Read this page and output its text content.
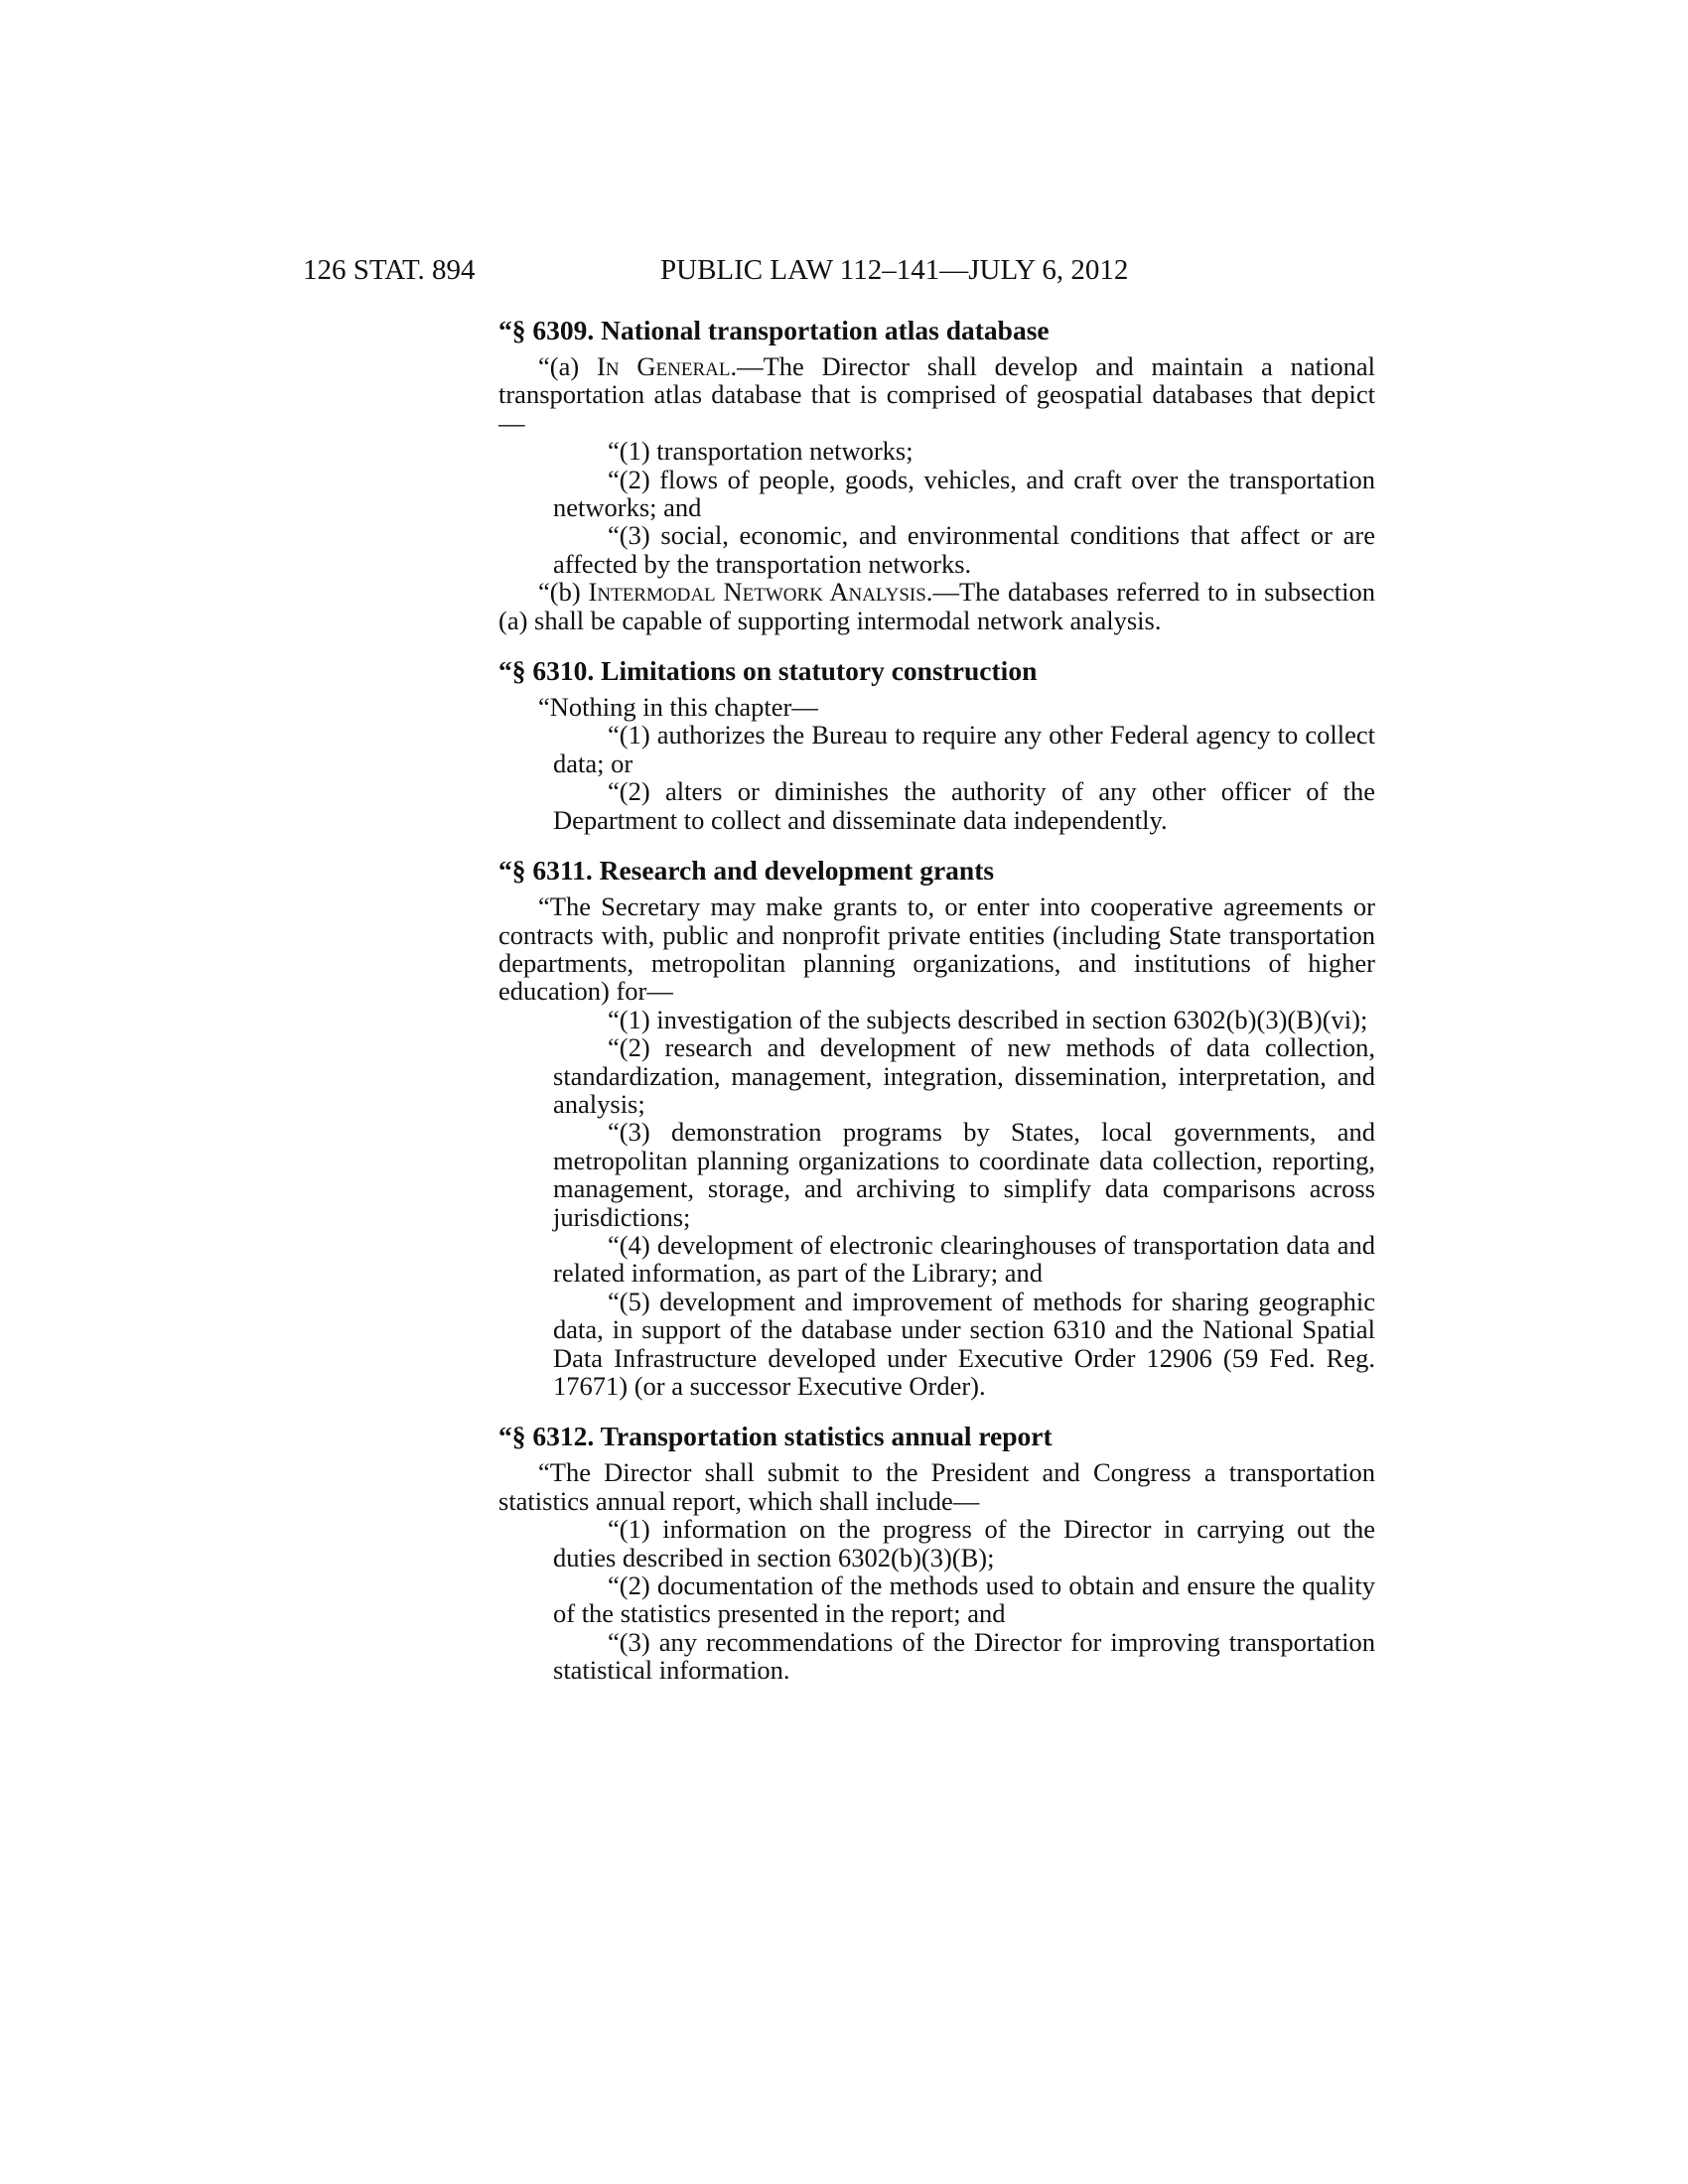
126 STAT. 894	PUBLIC LAW 112–141—JULY 6, 2012
“§ 6309. National transportation atlas database

“(a) In General.—The Director shall develop and maintain a national transportation atlas database that is comprised of geospatial databases that depict—

“(1) transportation networks;

“(2) flows of people, goods, vehicles, and craft over the transportation networks; and

“(3) social, economic, and environmental conditions that affect or are affected by the transportation networks.

“(b) Intermodal Network Analysis.—The databases referred to in subsection (a) shall be capable of supporting intermodal network analysis.

“§ 6310. Limitations on statutory construction

“Nothing in this chapter—

“(1) authorizes the Bureau to require any other Federal agency to collect data; or

“(2) alters or diminishes the authority of any other officer of the Department to collect and disseminate data independently.

“§ 6311. Research and development grants

“The Secretary may make grants to, or enter into cooperative agreements or contracts with, public and nonprofit private entities (including State transportation departments, metropolitan planning organizations, and institutions of higher education) for—

“(1) investigation of the subjects described in section 6302(b)(3)(B)(vi);

“(2) research and development of new methods of data collection, standardization, management, integration, dissemination, interpretation, and analysis;

“(3) demonstration programs by States, local governments, and metropolitan planning organizations to coordinate data collection, reporting, management, storage, and archiving to simplify data comparisons across jurisdictions;

“(4) development of electronic clearinghouses of transportation data and related information, as part of the Library; and

“(5) development and improvement of methods for sharing geographic data, in support of the database under section 6310 and the National Spatial Data Infrastructure developed under Executive Order 12906 (59 Fed. Reg. 17671) (or a successor Executive Order).

“§ 6312. Transportation statistics annual report

“The Director shall submit to the President and Congress a transportation statistics annual report, which shall include—

“(1) information on the progress of the Director in carrying out the duties described in section 6302(b)(3)(B);

“(2) documentation of the methods used to obtain and ensure the quality of the statistics presented in the report; and

“(3) any recommendations of the Director for improving transportation statistical information.
